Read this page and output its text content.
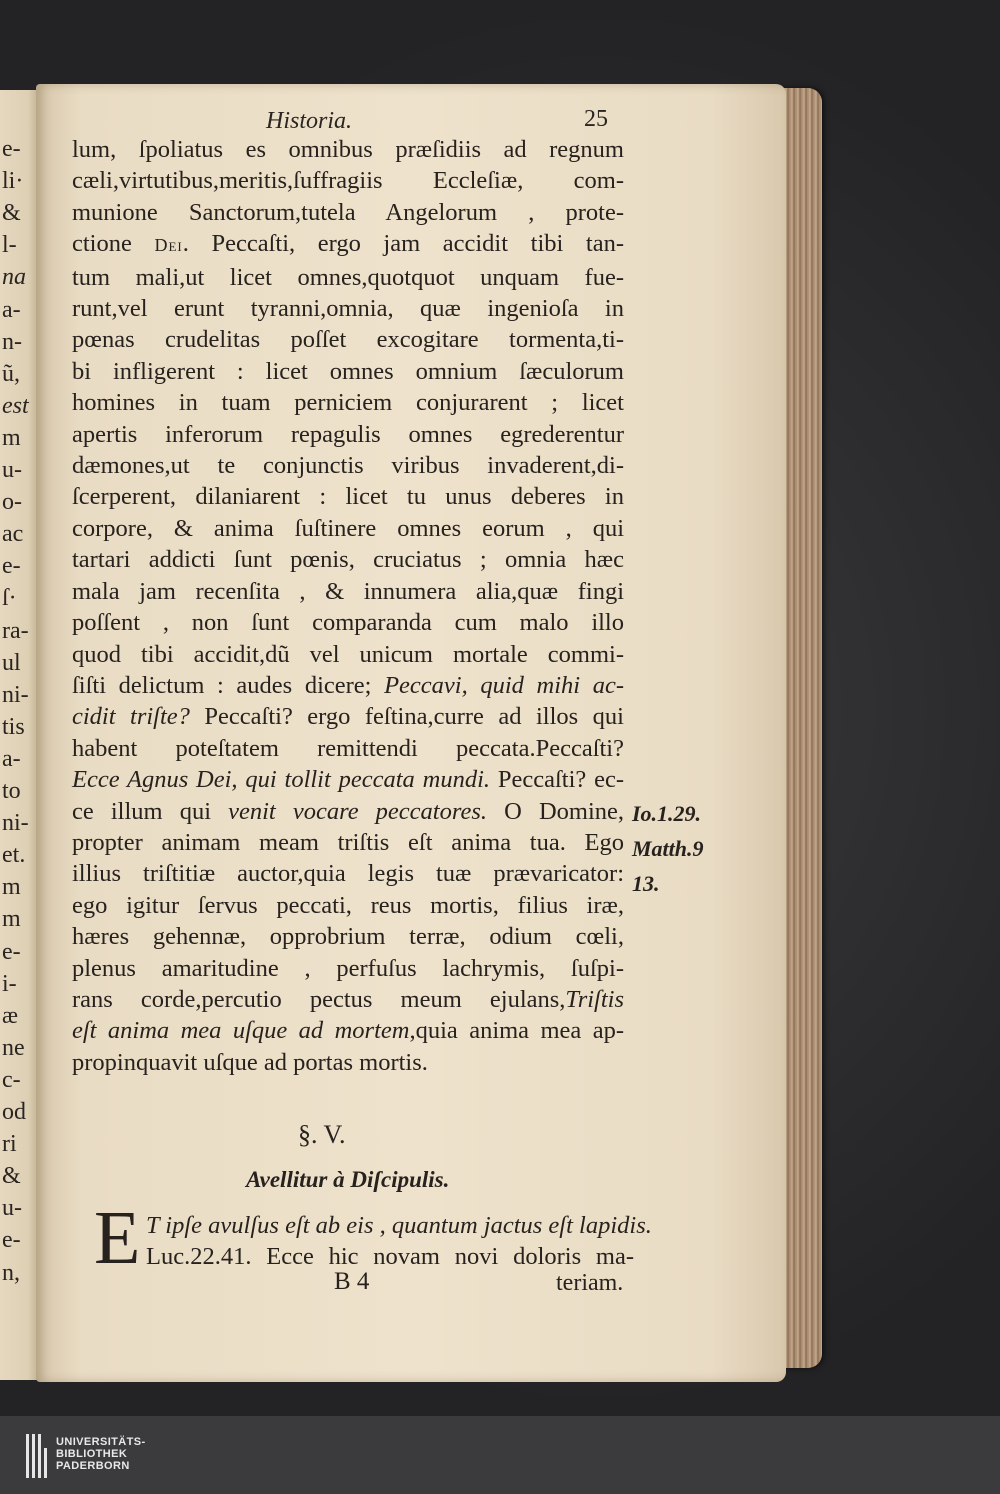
e-
li·
&
l-
na
a-
n-
ũ,
est
m
u-
o-
ac
e-
ſ·
ra-
ul
ni-
tis
a-
to
ni-
et.
m
m
e-
i-
æ
ne
c-
od
ri
&
u-
e-
n,
Historia.	25
lum, ſpoliatus es omnibus præſidiis ad regnum
cæli,virtutibus,meritis,ſuffragiis Eccleſiæ, com-
munione Sanctorum,tutela Angelorum , prote-
ctione Dei. Peccaſti, ergo jam accidit tibi tan-
tum mali,ut licet omnes,quotquot unquam fue-
runt,vel erunt tyranni,omnia, quæ ingenioſa in
pœnas crudelitas poſſet excogitare tormenta,ti-
bi infligerent : licet omnes omnium ſæculorum
homines in tuam perniciem conjurarent ; licet
apertis inferorum repagulis omnes egrederentur
dæmones,ut te conjunctis viribus invaderent,di-
ſcerperent, dilaniarent : licet tu unus deberes in
corpore, & anima ſuſtinere omnes eorum , qui
tartari addicti ſunt pœnis, cruciatus ; omnia hæc
mala jam recenſita , & innumera alia,quæ fingi
poſſent , non ſunt comparanda cum malo illo
quod tibi accidit,dũ vel unicum mortale commi-
ſiſti delictum : audes dicere; Peccavi, quid mihi ac-
cidit triſte? Peccaſti? ergo feſtina,curre ad illos qui
habent poteſtatem remittendi peccata.Peccaſti?
Ecce Agnus Dei, qui tollit peccata mundi. Peccaſti? ec-
ce illum qui venit vocare peccatores. O Domine,
propter animam meam triſtis eſt anima tua. Ego
illius triſtitiæ auctor,quia legis tuæ prævaricator:
ego igitur ſervus peccati, reus mortis, filius iræ,
hæres gehennæ, opprobrium terræ, odium cœli,
plenus amaritudine , perfuſus lachrymis, ſuſpi-
rans corde,percutio pectus meum ejulans,Triſtis
eſt anima mea uſque ad mortem,quia anima mea ap-
propinquavit uſque ad portas mortis.
Io.1.29.
Matth.9
13.
§. V.
Avellitur à Diſcipulis.
E T ipſe avulſus eſt ab eis , quantum jactus eſt lapidis.
Luc.22.41. Ecce hic novam novi doloris ma-
B 4	teriam.
UNIVERSITÄTS-
BIBLIOTHEK
PADERBORN
